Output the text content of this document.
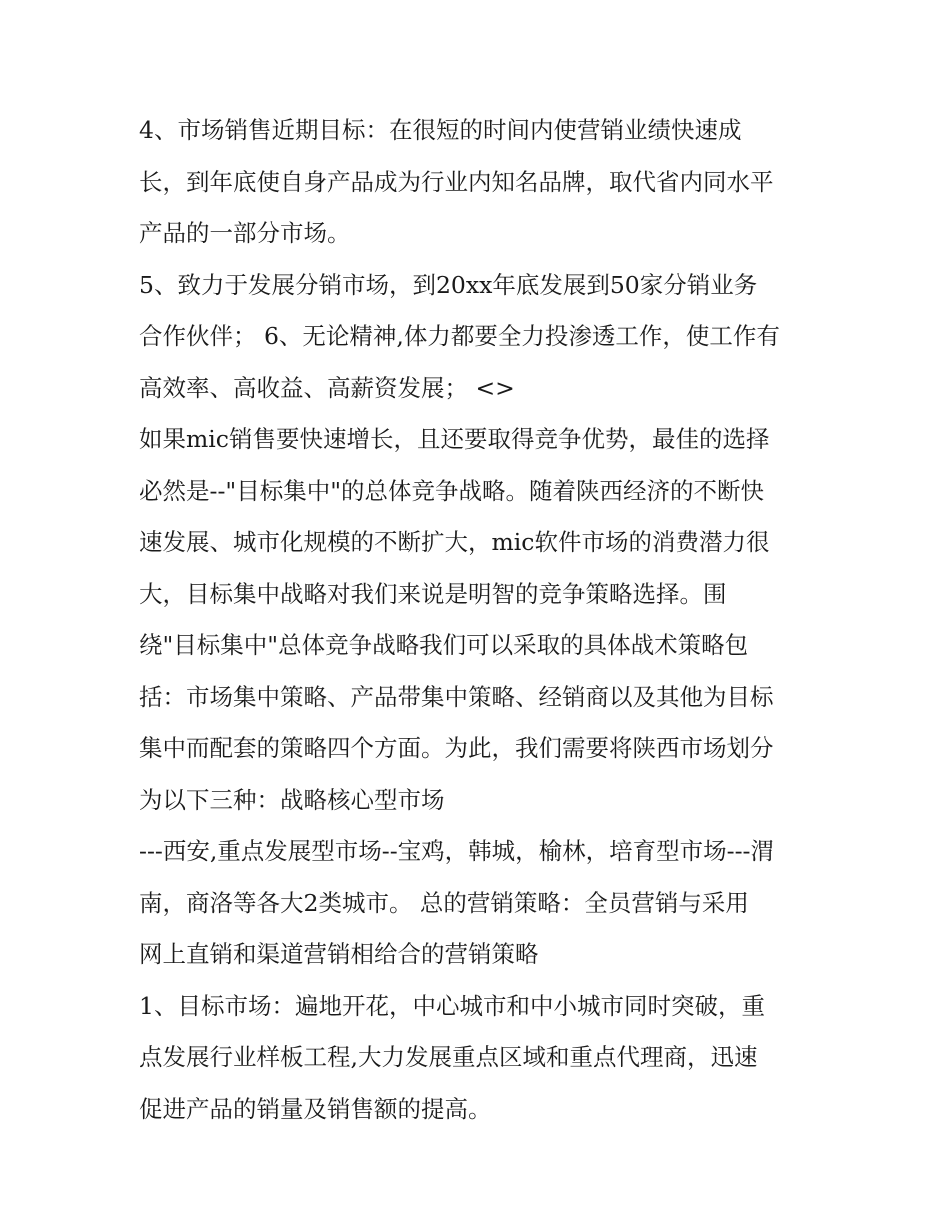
4、市场销售近期目标：在很短的时间内使营销业绩快速成
长，到年底使自身产品成为行业内知名品牌，取代省内同水平
产品的一部分市场。
5、致力于发展分销市场，到20xx年底发展到50家分销业务
合作伙伴； 6、无论精神,体力都要全力投渗透工作，使工作有
高效率、高收益、高薪资发展； <>
如果mic销售要快速增长，且还要取得竞争优势，最佳的选择
必然是--"目标集中"的总体竞争战略。随着陕西经济的不断快
速发展、城市化规模的不断扩大，mic软件市场的消费潜力很
大，目标集中战略对我们来说是明智的竞争策略选择。围
绕"目标集中"总体竞争战略我们可以采取的具体战术策略包
括：市场集中策略、产品带集中策略、经销商以及其他为目标
集中而配套的策略四个方面。为此，我们需要将陕西市场划分
为以下三种：战略核心型市场
---西安,重点发展型市场--宝鸡，韩城，榆林，培育型市场---渭
南，商洛等各大2类城市。 总的营销策略：全员营销与采用
网上直销和渠道营销相给合的营销策略
1、目标市场：遍地开花，中心城市和中小城市同时突破，重
点发展行业样板工程,大力发展重点区域和重点代理商，迅速
促进产品的销量及销售额的提高。
